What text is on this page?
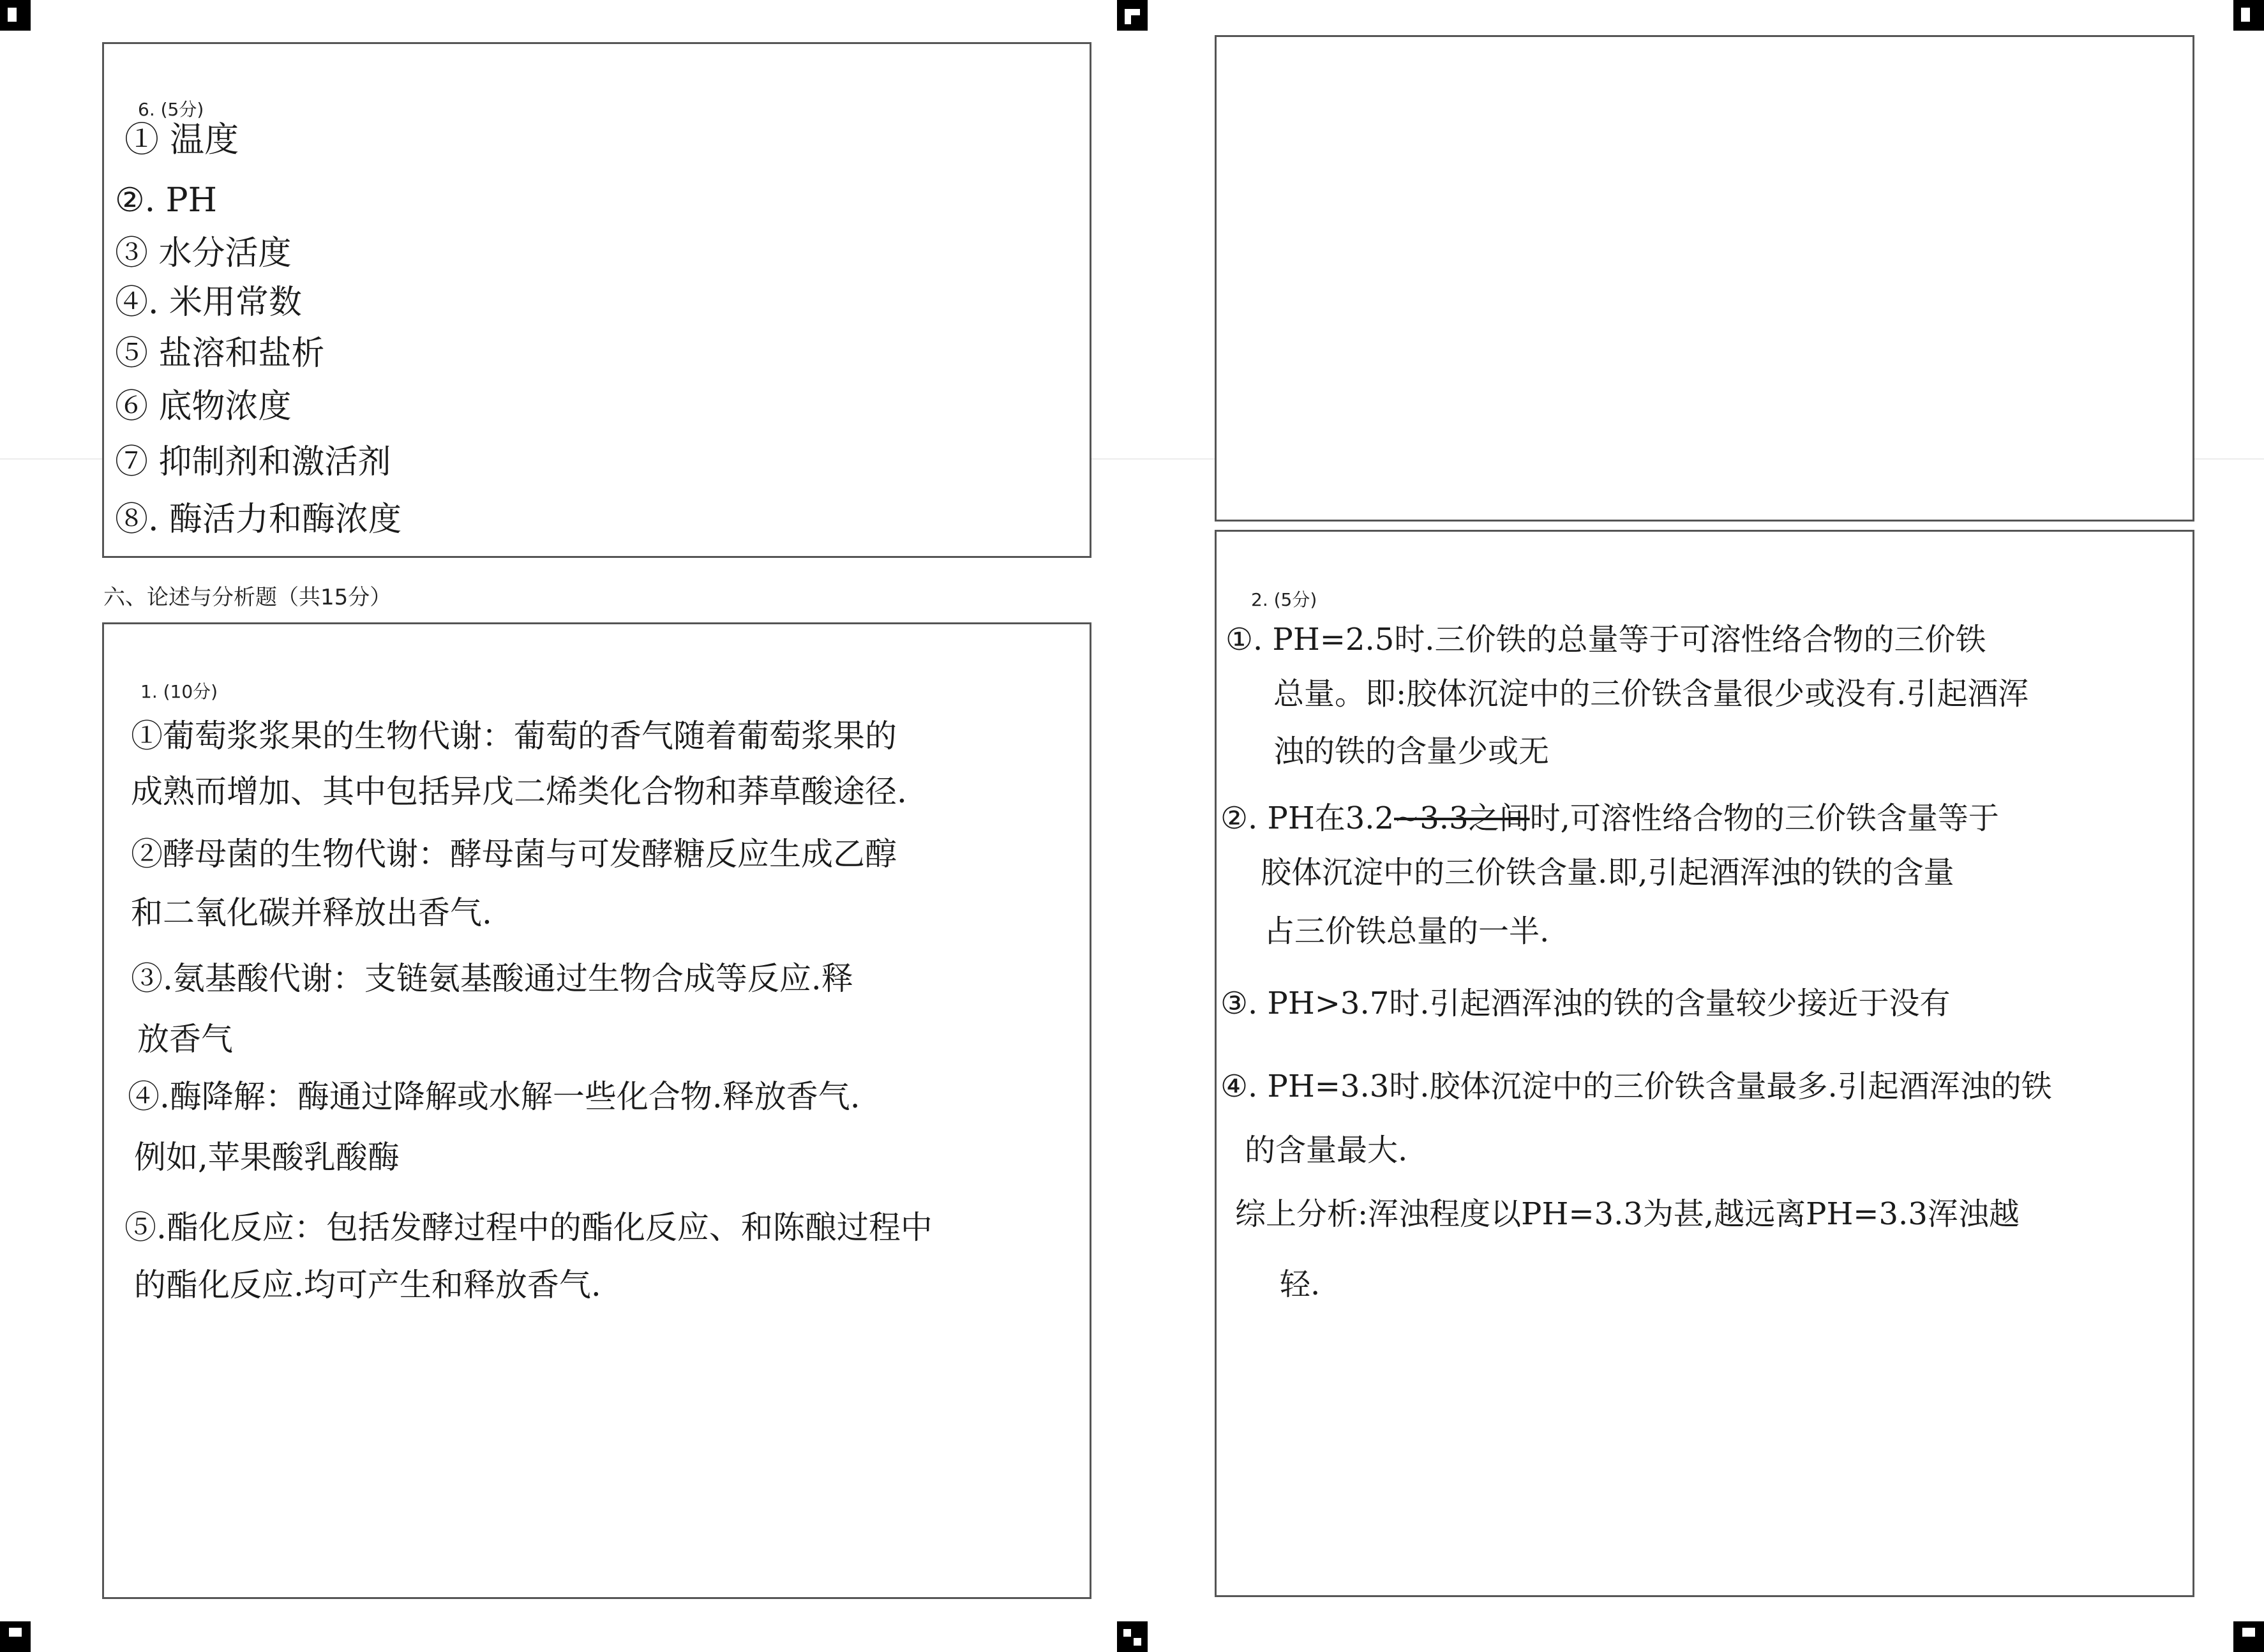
6. (5分)
① 温度
②. PH
③ 水分活度
④. 米用常数
⑤ 盐溶和盐析
⑥ 底物浓度
⑦ 抑制剂和激活剂
⑧. 酶活力和酶浓度
六、论述与分析题（共15分）
1. (10分)
①葡萄浆浆果的生物代谢：葡萄的香气随着葡萄浆果的
成熟而增加、其中包括异戊二烯类化合物和莽草酸途径.
②酵母菌的生物代谢：酵母菌与可发酵糖反应生成乙醇
和二氧化碳并释放出香气.
③.氨基酸代谢：支链氨基酸通过生物合成等反应.释
放香气
④.酶降解：酶通过降解或水解一些化合物.释放香气.
例如,苹果酸乳酸酶
⑤.酯化反应：包括发酵过程中的酯化反应、和陈酿过程中
的酯化反应.均可产生和释放香气.
2. (5分)
①. PH=2.5时.三价铁的总量等于可溶性络合物的三价铁
总量。即:胶体沉淀中的三价铁含量很少或没有.引起酒浑
浊的铁的含量少或无
②. PH在3.2~3.3之间时,可溶性络合物的三价铁含量等于
胶体沉淀中的三价铁含量.即,引起酒浑浊的铁的含量
占三价铁总量的一半.
③. PH>3.7时.引起酒浑浊的铁的含量较少接近于没有
④. PH=3.3时.胶体沉淀中的三价铁含量最多.引起酒浑浊的铁
的含量最大.
综上分析:浑浊程度以PH=3.3为甚,越远离PH=3.3浑浊越
轻.
